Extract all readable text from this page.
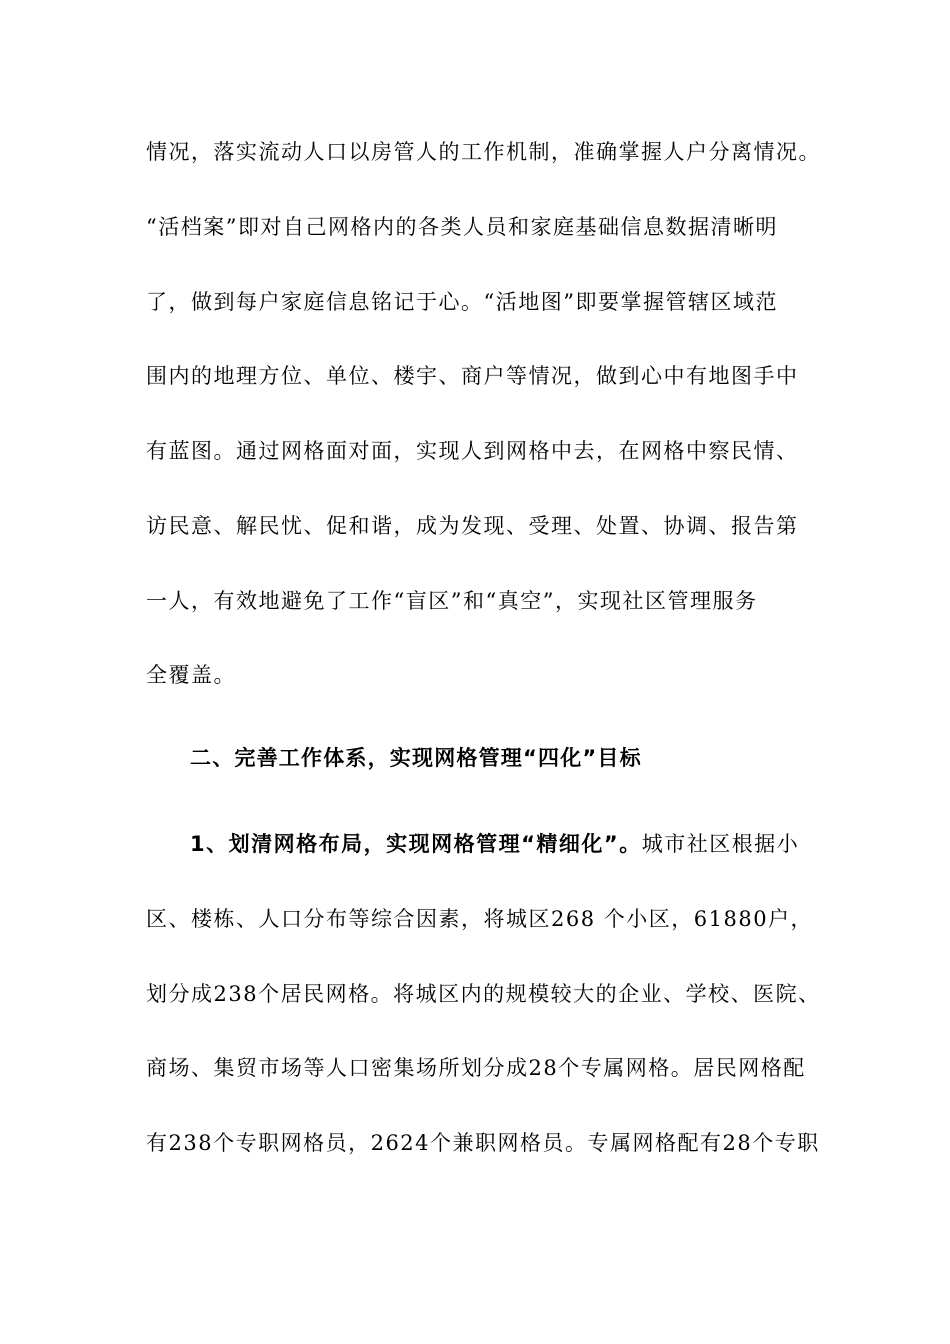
情况，落实流动人口以房管人的工作机制，准确掌握人户分离情况。
“活档案”即对自己网格内的各类人员和家庭基础信息数据清晰明
了，做到每户家庭信息铭记于心。“活地图”即要掌握管辖区域范
围内的地理方位、单位、楼宇、商户等情况，做到心中有地图手中
有蓝图。通过网格面对面，实现人到网格中去，在网格中察民情、
访民意、解民忧、促和谐，成为发现、受理、处置、协调、报告第
一人，有效地避免了工作“盲区”和“真空”，实现社区管理服务
全覆盖。
二、完善工作体系，实现网格管理“四化”目标
1、划清网格布局，实现网格管理“精细化”。城市社区根据小
区、楼栋、人口分布等综合因素，将城区268 个小区，61880户，
划分成238个居民网格。将城区内的规模较大的企业、学校、医院、
商场、集贸市场等人口密集场所划分成28个专属网格。居民网格配
有238个专职网格员，2624个兼职网格员。专属网格配有28个专职
